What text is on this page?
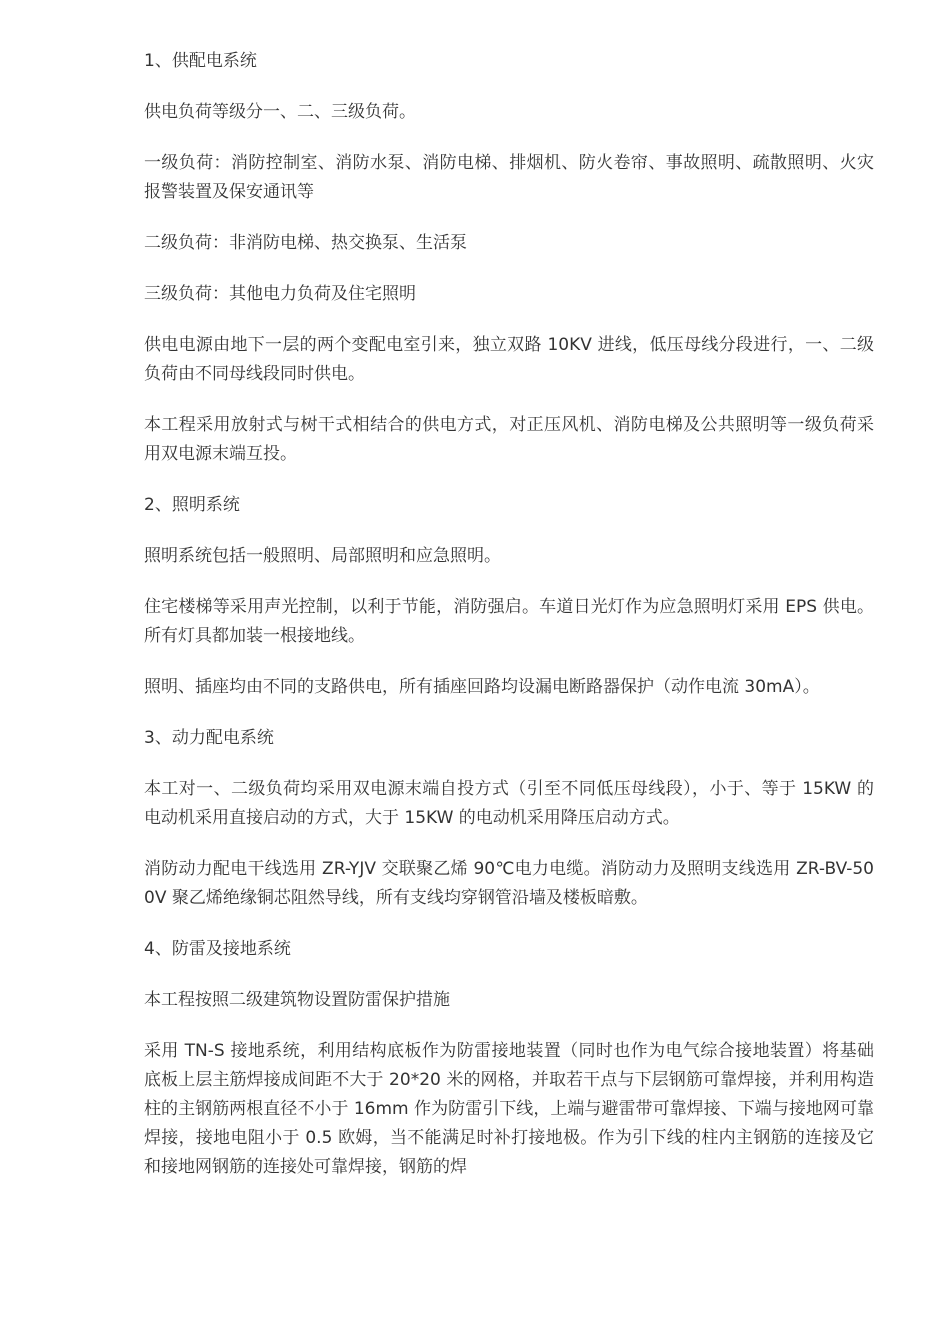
1、供配电系统

供电负荷等级分一、二、三级负荷。

一级负荷：消防控制室、消防水泵、消防电梯、排烟机、防火卷帘、事故照明、疏散照明、火灾报警装置及保安通讯等

二级负荷：非消防电梯、热交换泵、生活泵

三级负荷：其他电力负荷及住宅照明

供电电源由地下一层的两个变配电室引来，独立双路 10KV 进线，低压母线分段进行，一、二级负荷由不同母线段同时供电。

本工程采用放射式与树干式相结合的供电方式，对正压风机、消防电梯及公共照明等一级负荷采用双电源末端互投。

2、照明系统

照明系统包括一般照明、局部照明和应急照明。

住宅楼梯等采用声光控制，以利于节能，消防强启。车道日光灯作为应急照明灯采用 EPS 供电。所有灯具都加装一根接地线。

照明、插座均由不同的支路供电，所有插座回路均设漏电断路器保护（动作电流 30mA）。

3、动力配电系统

本工对一、二级负荷均采用双电源末端自投方式（引至不同低压母线段），小于、等于 15KW 的电动机采用直接启动的方式，大于 15KW 的电动机采用降压启动方式。

消防动力配电干线选用 ZR-YJV 交联聚乙烯 90℃电力电缆。消防动力及照明支线选用 ZR-BV-500V 聚乙烯绝缘铜芯阻然导线，所有支线均穿钢管沿墙及楼板暗敷。

4、防雷及接地系统

本工程按照二级建筑物设置防雷保护措施

采用 TN-S 接地系统，利用结构底板作为防雷接地装置（同时也作为电气综合接地装置）将基础底板上层主筋焊接成间距不大于 20*20 米的网格，并取若干点与下层钢筋可靠焊接，并利用构造柱的主钢筋两根直径不小于 16mm 作为防雷引下线，上端与避雷带可靠焊接、下端与接地网可靠焊接，接地电阻小于 0.5 欧姆，当不能满足时补打接地极。作为引下线的柱内主钢筋的连接及它和接地网钢筋的连接处可靠焊接，钢筋的焊
